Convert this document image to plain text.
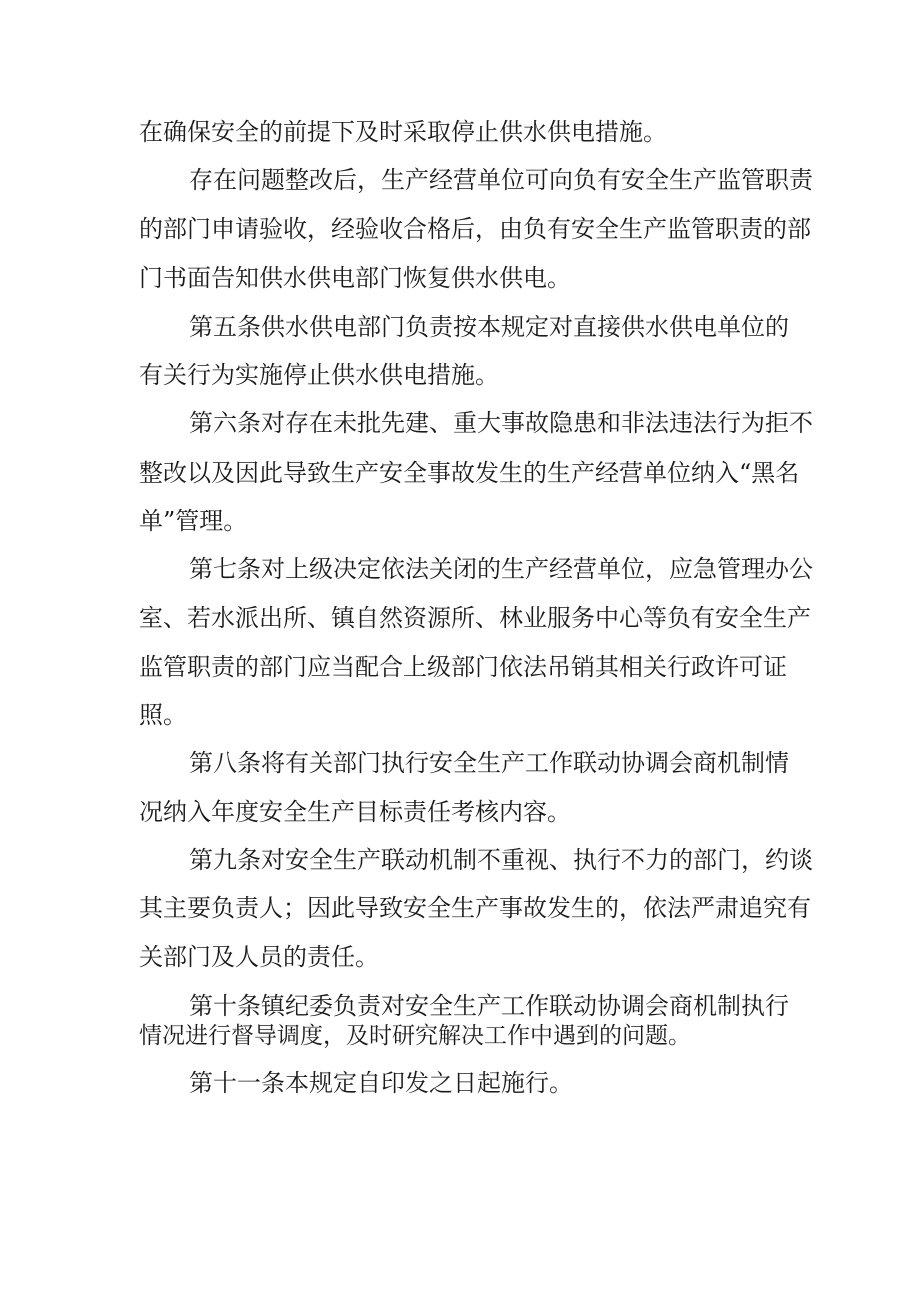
在确保安全的前提下及时采取停止供水供电措施。
存在问题整改后，生产经营单位可向负有安全生产监管职责
的部门申请验收，经验收合格后，由负有安全生产监管职责的部
门书面告知供水供电部门恢复供水供电。
第五条供水供电部门负责按本规定对直接供水供电单位的
有关行为实施停止供水供电措施。
第六条对存在未批先建、重大事故隐患和非法违法行为拒不
整改以及因此导致生产安全事故发生的生产经营单位纳入“黑名
单”管理。
第七条对上级决定依法关闭的生产经营单位，应急管理办公
室、若水派出所、镇自然资源所、林业服务中心等负有安全生产
监管职责的部门应当配合上级部门依法吊销其相关行政许可证
照。
第八条将有关部门执行安全生产工作联动协调会商机制情
况纳入年度安全生产目标责任考核内容。
第九条对安全生产联动机制不重视、执行不力的部门，约谈
其主要负责人；因此导致安全生产事故发生的，依法严肃追究有
关部门及人员的责任。
第十条镇纪委负责对安全生产工作联动协调会商机制执行
情况进行督导调度，及时研究解决工作中遇到的问题。
第十一条本规定自印发之日起施行。
